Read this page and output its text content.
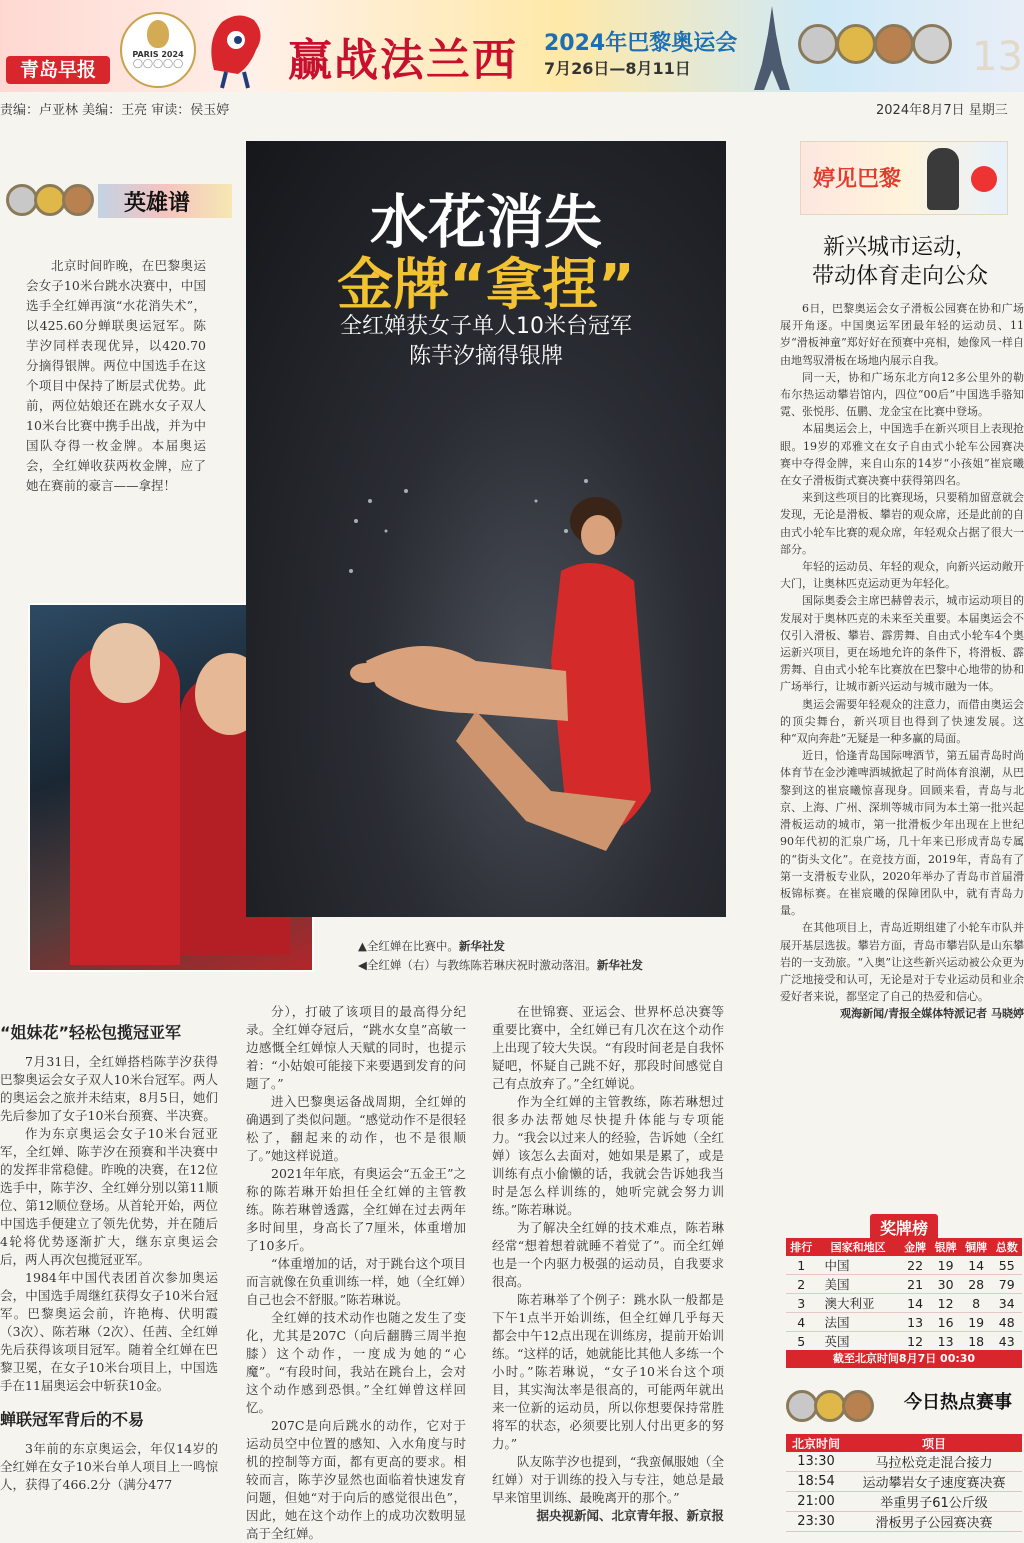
青岛早报
PARIS 2024
◯◯◯◯◯ 赢战法兰西 2024年巴黎奥运会
7月26日—8月11日	13
责编：卢亚林 美编：王亮 审读：侯玉婷	2024年8月7日 星期三
英雄谱
北京时间昨晚，在巴黎奥运会女子10米台跳水决赛中，中国选手全红婵再演“水花消失术”，以425.60分蝉联奥运冠军。陈芋汐同样表现优异，以420.70分摘得银牌。两位中国选手在这个项目中保持了断层式优势。此前，两位姑娘还在跳水女子双人10米台比赛中携手出战，并为中国队夺得一枚金牌。本届奥运会，全红婵收获两枚金牌，应了她在赛前的豪言——拿捏！
水花消失
金牌“拿捏”
全红婵获女子单人10米台冠军
陈芋汐摘得银牌
▲全红婵在比赛中。新华社发
◀全红婵（右）与教练陈若琳庆祝时激动落泪。新华社发
“姐妹花”轻松包揽冠亚军

7月31日，全红婵搭档陈芋汐获得巴黎奥运会女子双人10米台冠军。两人的奥运会之旅并未结束，8月5日，她们先后参加了女子10米台预赛、半决赛。

作为东京奥运会女子10米台冠亚军，全红婵、陈芋汐在预赛和半决赛中的发挥非常稳健。昨晚的决赛，在12位选手中，陈芋汐、全红婵分别以第11顺位、第12顺位登场。从首轮开始，两位中国选手便建立了领先优势，并在随后4轮将优势逐渐扩大，继东京奥运会后，两人再次包揽冠亚军。

1984年中国代表团首次参加奥运会，中国选手周继红获得女子10米台冠军。巴黎奥运会前，许艳梅、伏明霞（3次）、陈若琳（2次）、任茜、全红婵先后获得该项目冠军。随着全红婵在巴黎卫冕，在女子10米台项目上，中国选手在11届奥运会中斩获10金。

蝉联冠军背后的不易

3年前的东京奥运会，年仅14岁的全红婵在女子10米台单人项目上一鸣惊人，获得了466.2分（满分477

分），打破了该项目的最高得分纪录。全红婵夺冠后，“跳水女皇”高敏一边感慨全红婵惊人天赋的同时，也提示着：“小姑娘可能接下来要遇到发育的问题了。”

进入巴黎奥运备战周期，全红婵的确遇到了类似问题。“感觉动作不是很轻松了，翻起来的动作，也不是很顺了。”她这样说道。

2021年年底，有奥运会“五金王”之称的陈若琳开始担任全红婵的主管教练。陈若琳曾透露，全红婵在过去两年多时间里，身高长了7厘米，体重增加了10多斤。

“体重增加的话，对于跳台这个项目而言就像在负重训练一样，她（全红婵）自己也会不舒服。”陈若琳说。

全红婵的技术动作也随之发生了变化，尤其是207C（向后翻腾三周半抱膝）这个动作，一度成为她的“心魔”。“有段时间，我站在跳台上，会对这个动作感到恐惧。”全红婵曾这样回忆。

207C是向后跳水的动作，它对于运动员空中位置的感知、入水角度与时机的控制等方面，都有更高的要求。相较而言，陈芋汐显然也面临着快速发育问题，但她“对于向后的感觉很出色”，因此，她在这个动作上的成功次数明显高于全红婵。

在世锦赛、亚运会、世界杯总决赛等重要比赛中，全红婵已有几次在这个动作上出现了较大失误。“有段时间老是自我怀疑吧，怀疑自己跳不好，那段时间感觉自己有点放弃了。”全红婵说。

作为全红婵的主管教练，陈若琳想过很多办法帮她尽快提升体能与专项能力。“我会以过来人的经验，告诉她（全红婵）该怎么去面对，她如果是累了，或是训练有点小偷懒的话，我就会告诉她我当时是怎么样训练的，她听完就会努力训练。”陈若琳说。

为了解决全红婵的技术难点，陈若琳经常“想着想着就睡不着觉了”。而全红婵也是一个内驱力极强的运动员，自我要求很高。

陈若琳举了个例子：跳水队一般都是下午1点半开始训练，但全红婵几乎每天都会中午12点出现在训练房，提前开始训练。“这样的话，她就能比其他人多练一个小时。”陈若琳说，“女子10米台这个项目，其实淘汰率是很高的，可能两年就出来一位新的运动员，所以你想要保持常胜将军的状态，必须要比别人付出更多的努力。”

队友陈芋汐也提到，“我蛮佩服她（全红婵）对于训练的投入与专注，她总是最早来馆里训练、最晚离开的那个。”

据央视新闻、北京青年报、新京报

婷见巴黎
新兴城市运动，
带动体育走向公众

6日，巴黎奥运会女子滑板公园赛在协和广场展开角逐。中国奥运军团最年轻的运动员、11岁“滑板神童”郑好好在预赛中亮相，她像风一样自由地驾驭滑板在场地内展示自我。

同一天，协和广场东北方向12多公里外的勒布尔热运动攀岩馆内，四位“00后”中国选手骆知霓、张悦彤、伍鹏、龙金宝在比赛中登场。

本届奥运会上，中国选手在新兴项目上表现抢眼。19岁的邓雅文在女子自由式小轮车公园赛决赛中夺得金牌，来自山东的14岁“小孩姐”崔宸曦在女子滑板街式赛决赛中获得第四名。

来到这些项目的比赛现场，只要稍加留意就会发现，无论是滑板、攀岩的观众席，还是此前的自由式小轮车比赛的观众席，年轻观众占据了很大一部分。

年轻的运动员、年轻的观众，向新兴运动敞开大门，让奥林匹克运动更为年轻化。

国际奥委会主席巴赫曾表示，城市运动项目的发展对于奥林匹克的未来至关重要。本届奥运会不仅引入滑板、攀岩、霹雳舞、自由式小轮车4个奥运新兴项目，更在场地允许的条件下，将滑板、霹雳舞、自由式小轮车比赛放在巴黎中心地带的协和广场举行，让城市新兴运动与城市融为一体。

奥运会需要年轻观众的注意力，而借由奥运会的顶尖舞台，新兴项目也得到了快速发展。这种“双向奔赴”无疑是一种多赢的局面。

近日，恰逢青岛国际啤酒节，第五届青岛时尚体育节在金沙滩啤酒城掀起了时尚体育浪潮，从巴黎到这的崔宸曦惊喜现身。回顾来看，青岛与北京、上海、广州、深圳等城市同为本土第一批兴起滑板运动的城市，第一批滑板少年出现在上世纪90年代初的汇泉广场，几十年来已形成青岛专属的“街头文化”。在竞技方面，2019年，青岛有了第一支滑板专业队，2020年举办了青岛市首届滑板锦标赛。在崔宸曦的保障团队中，就有青岛力量。

在其他项目上，青岛近期组建了小轮车市队并展开基层选拔。攀岩方面，青岛市攀岩队是山东攀岩的一支劲旅。“入奥”让这些新兴运动被公众更为广泛地接受和认可，无论是对于专业运动员和业余爱好者来说，都坚定了自己的热爱和信心。

观海新闻/青报全媒体特派记者 马晓婷

奖牌榜
排行	国家和地区	金牌	银牌	铜牌	总数
1	中国	22	19	14	55
2	美国	21	30	28	79
3	澳大利亚	14	12	8	34
4	法国	13	16	19	48
5	英国	12	13	18	43
截至北京时间8月7日 00:30
今日热点赛事
北京时间	项目
13:30	马拉松竞走混合接力
18:54	运动攀岩女子速度赛决赛
21:00	举重男子61公斤级
23:30	滑板男子公园赛决赛
